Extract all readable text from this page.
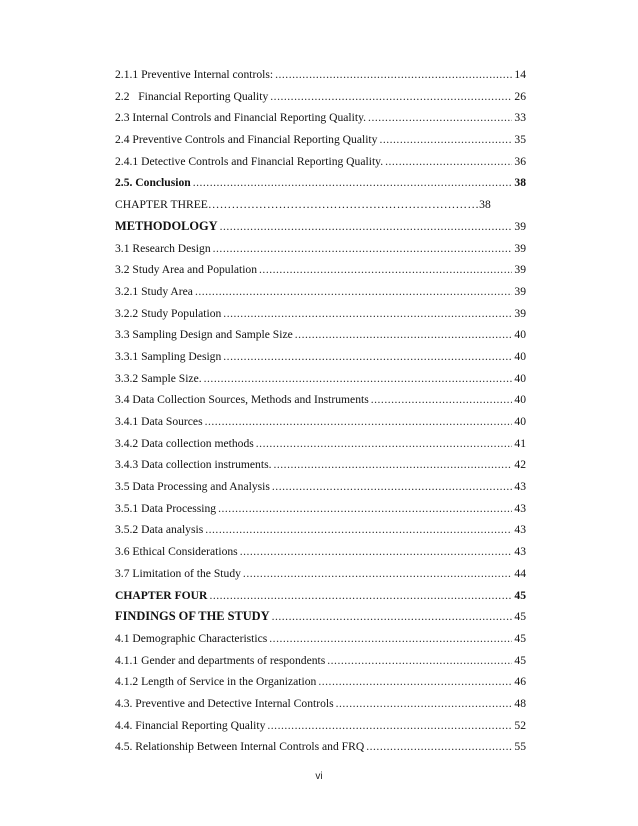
2.1.1 Preventive Internal controls: .....	14
2.2   Financial Reporting Quality .....	26
2.3 Internal Controls and Financial Reporting Quality. .....	33
2.4 Preventive Controls and Financial Reporting Quality .....	35
2.4.1 Detective Controls and Financial Reporting Quality. .....	36
2.5. Conclusion .....	38
CHAPTER THREE …………………………………………………………… 38
METHODOLOGY .....	39
3.1 Research Design .....	39
3.2 Study Area and Population .....	39
3.2.1 Study Area .....	39
3.2.2 Study Population .....	39
3.3 Sampling Design and Sample Size .....	40
3.3.1 Sampling Design .....	40
3.3.2 Sample Size. .....	40
3.4 Data Collection Sources, Methods and Instruments .....	40
3.4.1 Data Sources .....	40
3.4.2 Data collection methods .....	41
3.4.3 Data collection instruments. .....	42
3.5 Data Processing and Analysis .....	43
3.5.1 Data Processing .....	43
3.5.2 Data analysis .....	43
3.6 Ethical Considerations .....	43
3.7 Limitation of the Study .....	44
CHAPTER FOUR .....	45
FINDINGS OF THE STUDY .....	45
4.1 Demographic Characteristics .....	45
4.1.1 Gender and departments of respondents .....	45
4.1.2 Length of Service in the Organization .....	46
4.3. Preventive and Detective Internal Controls .....	48
4.4. Financial Reporting Quality .....	52
4.5. Relationship Between Internal Controls and FRQ .....	55
vi
